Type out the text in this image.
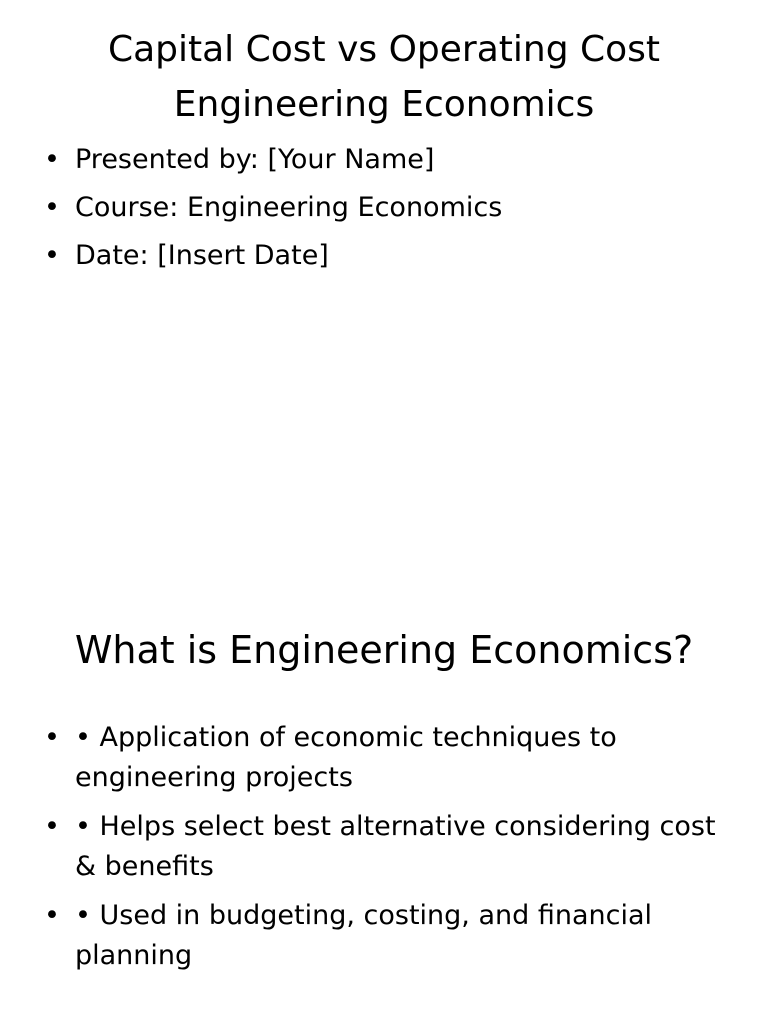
Capital Cost vs Operating Cost
Engineering Economics
• Presented by: [Your Name]
• Course: Engineering Economics
• Date: [Insert Date]
What is Engineering Economics?
• • Application of economic techniques to engineering projects
• • Helps select best alternative considering cost & benefits
• • Used in budgeting, costing, and financial planning
